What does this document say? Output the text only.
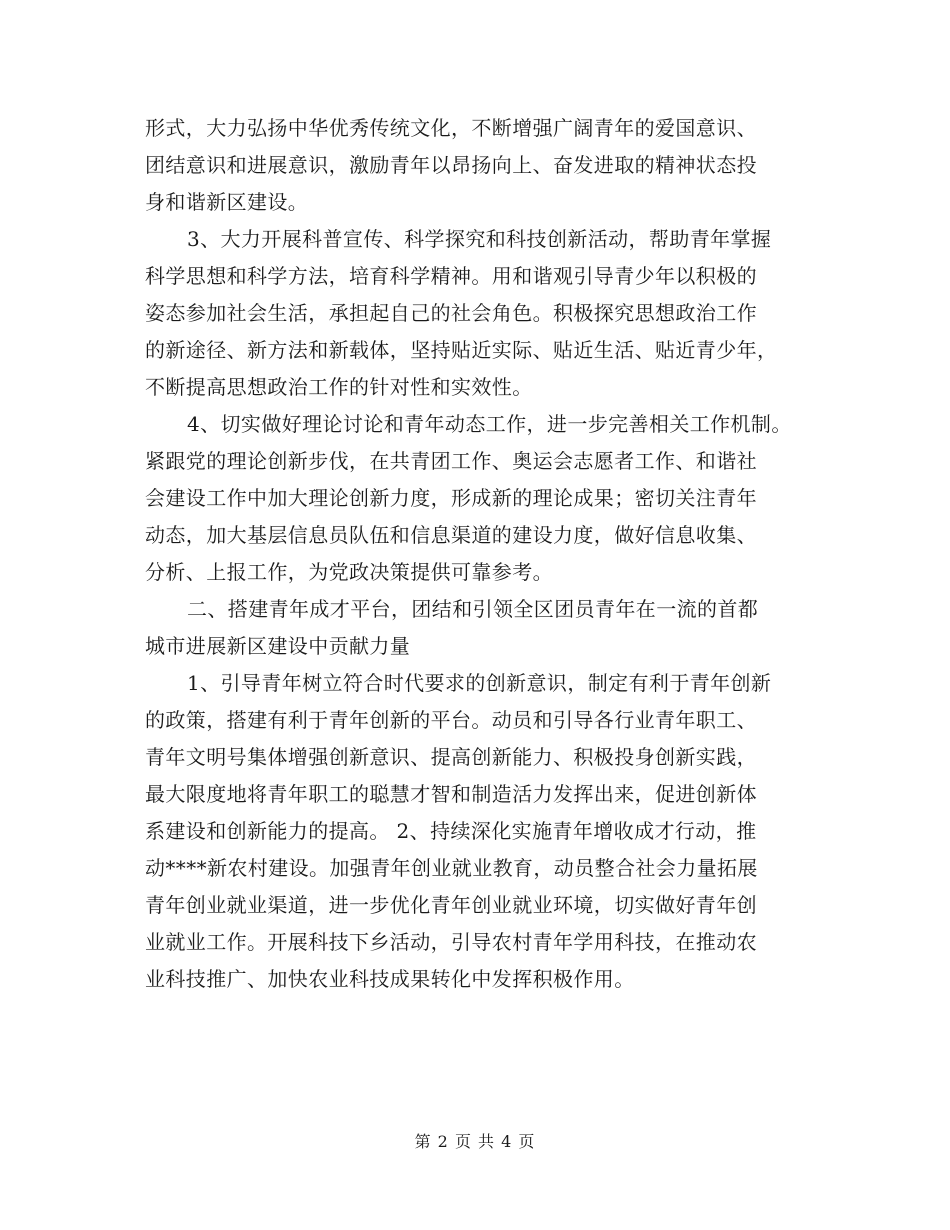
形式，大力弘扬中华优秀传统文化，不断增强广阔青年的爱国意识、
团结意识和进展意识，激励青年以昂扬向上、奋发进取的精神状态投
身和谐新区建设。
3、大力开展科普宣传、科学探究和科技创新活动，帮助青年掌握
科学思想和科学方法，培育科学精神。用和谐观引导青少年以积极的
姿态参加社会生活，承担起自己的社会角色。积极探究思想政治工作
的新途径、新方法和新载体，坚持贴近实际、贴近生活、贴近青少年，
不断提高思想政治工作的针对性和实效性。
4、切实做好理论讨论和青年动态工作，进一步完善相关工作机制。
紧跟党的理论创新步伐，在共青团工作、奥运会志愿者工作、和谐社
会建设工作中加大理论创新力度，形成新的理论成果；密切关注青年
动态，加大基层信息员队伍和信息渠道的建设力度，做好信息收集、
分析、上报工作，为党政决策提供可靠参考。
二、搭建青年成才平台，团结和引领全区团员青年在一流的首都
城市进展新区建设中贡献力量
1、引导青年树立符合时代要求的创新意识，制定有利于青年创新
的政策，搭建有利于青年创新的平台。动员和引导各行业青年职工、
青年文明号集体增强创新意识、提高创新能力、积极投身创新实践，
最大限度地将青年职工的聪慧才智和制造活力发挥出来，促进创新体
系建设和创新能力的提高。 2、持续深化实施青年增收成才行动，推
动****新农村建设。加强青年创业就业教育，动员整合社会力量拓展
青年创业就业渠道，进一步优化青年创业就业环境，切实做好青年创
业就业工作。开展科技下乡活动，引导农村青年学用科技，在推动农
业科技推广、加快农业科技成果转化中发挥积极作用。
第 2 页 共 4 页
